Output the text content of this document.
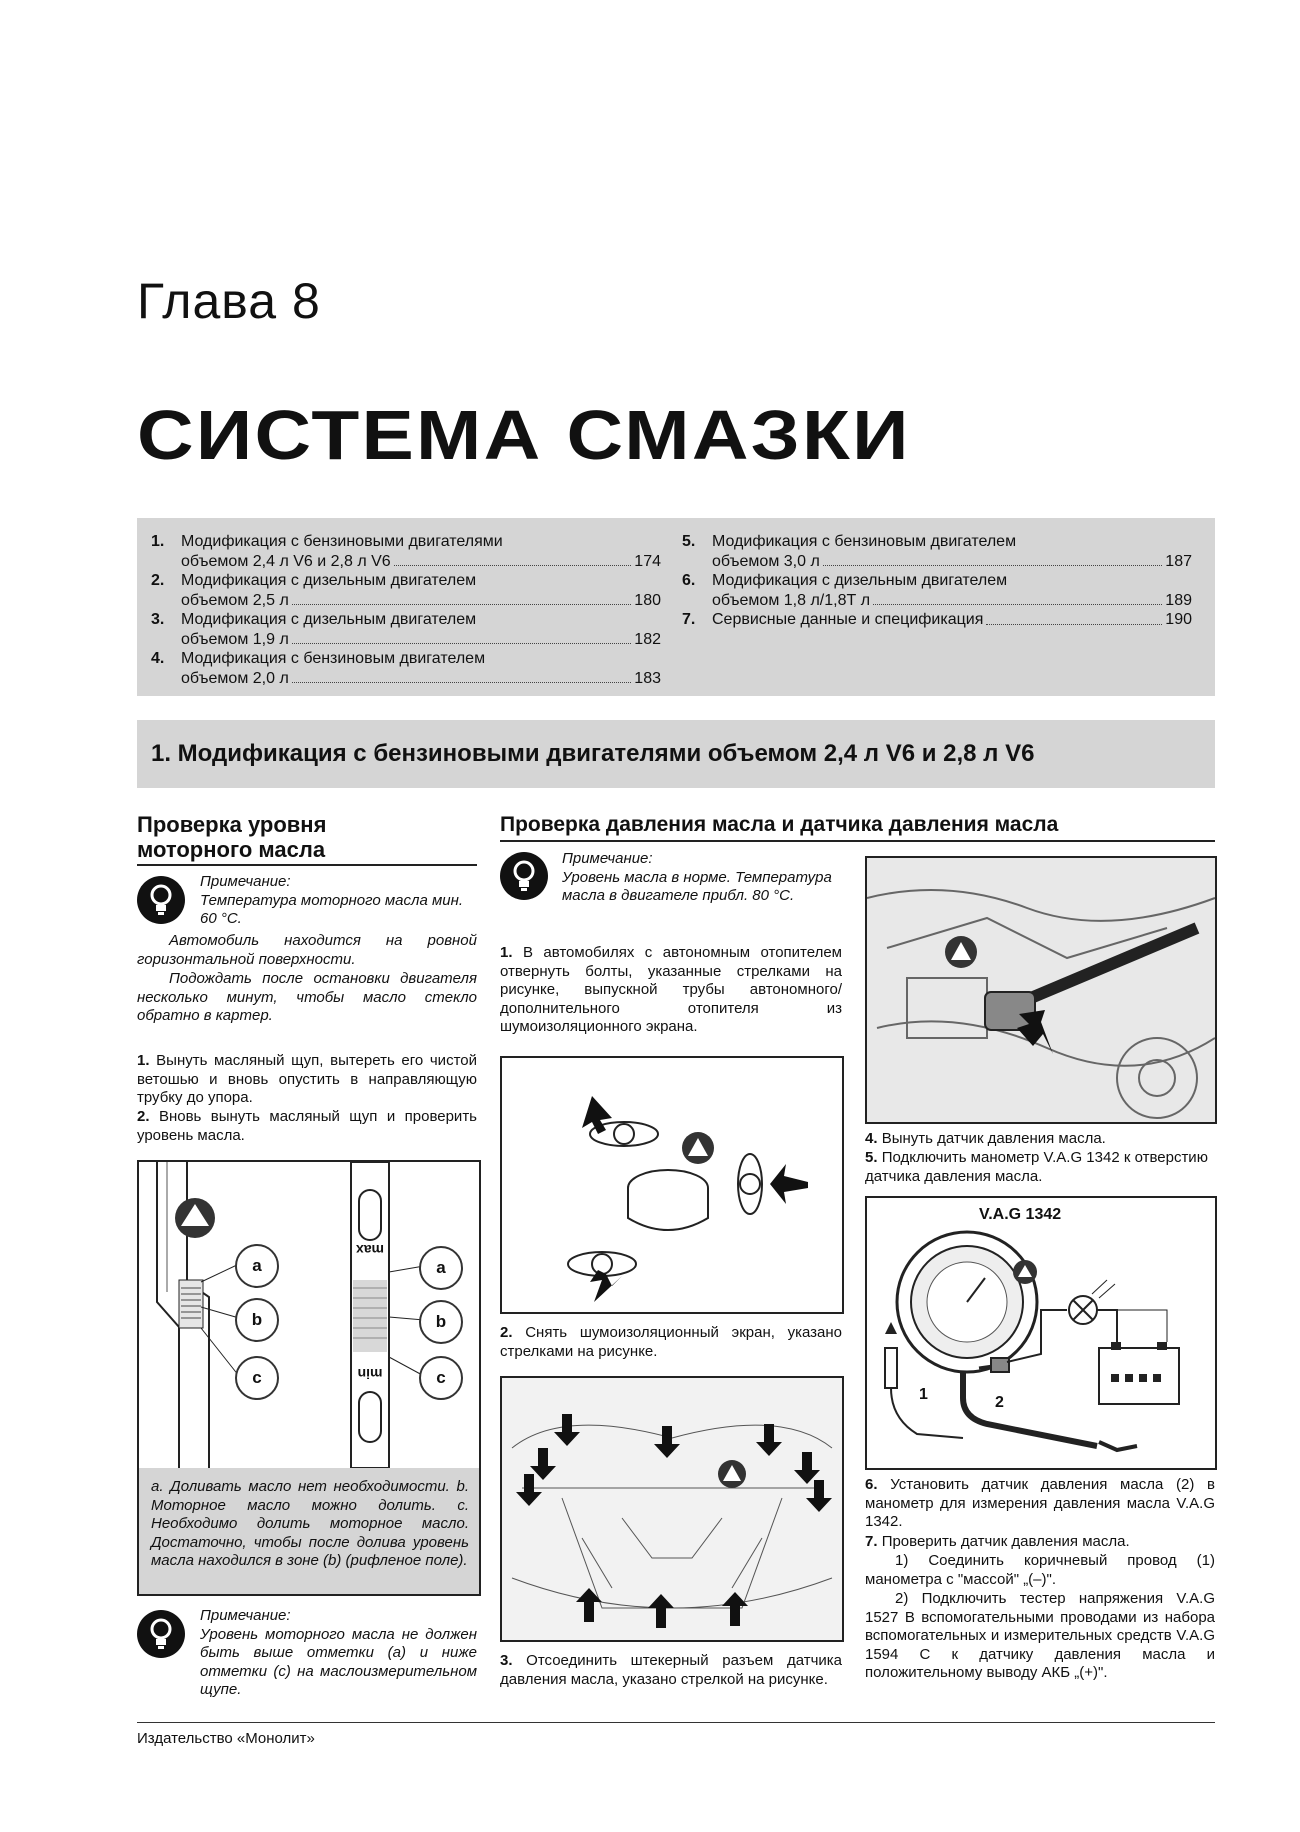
Глава 8
СИСТЕМА СМАЗКИ
1.	Модификация с бензиновыми двигателями
объемом 2,4 л V6 и 2,8 л V6	174
2.	Модификация с дизельным двигателем
объемом 2,5 л	180
3.	Модификация с дизельным двигателем
объемом 1,9 л	182
4.	Модификация с бензиновым двигателем
объемом 2,0 л	183
5.	Модификация с бензиновым двигателем
объемом 3,0 л	187
6.	Модификация с дизельным двигателем
объемом 1,8 л/1,8Т л	189
7.	Сервисные данные и спецификация	190
1. Модификация с бензиновыми двигателями объемом 2,4 л V6 и 2,8 л V6
Проверка уровня
моторного масла
Примечание:
Температура моторного масла мин. 60 °С.
Автомобиль находится на ровной горизонтальной поверхности.
Подождать после остановки двигателя несколько минут, чтобы масло стекло обратно в картер.
1. Вынуть масляный щуп, вытереть его чистой ветошью и вновь опустить в направляющую трубку до упора.
2. Вновь вынуть масляный щуп и проверить уровень масла.
a
b
c
a
b
c
max
min
a. Доливать масло нет необходимости. b. Моторное масло можно долить. c. Необходимо долить моторное масло. Достаточно, чтобы после долива уровень масла находился в зоне (b) (рифленое поле).
Примечание:
Уровень моторного масла не должен быть выше отметки (a) и ниже отметки (c) на маслоизмерительном щупе.
Проверка давления масла и датчика давления масла
Примечание:
Уровень масла в норме. Температура масла в двигателе прибл. 80 °С.
1. В автомобилях с автономным отопителем отвернуть болты, указанные стрелками на рисунке, выпускной трубы автономного/дополнительного отопителя из шумоизоляционного экрана.
2. Снять шумоизоляционный экран, указано стрелками на рисунке.
3. Отсоединить штекерный разъем датчика давления масла, указано стрелкой на рисунке.
4. Вынуть датчик давления масла.
5. Подключить манометр V.A.G 1342 к отверстию датчика давления масла.
V.A.G 1342
1	2
6. Установить датчик давления масла (2) в манометр для измерения давления масла V.A.G 1342.
7. Проверить датчик давления масла.
1) Соединить коричневый провод (1) манометра с "массой" „(–)".
2) Подключить тестер напряжения V.A.G 1527 В вспомогательными проводами из набора вспомогательных и измерительных средств V.A.G 1594 С к датчику давления масла и положительному выводу АКБ „(+)".
Издательство «Монолит»
